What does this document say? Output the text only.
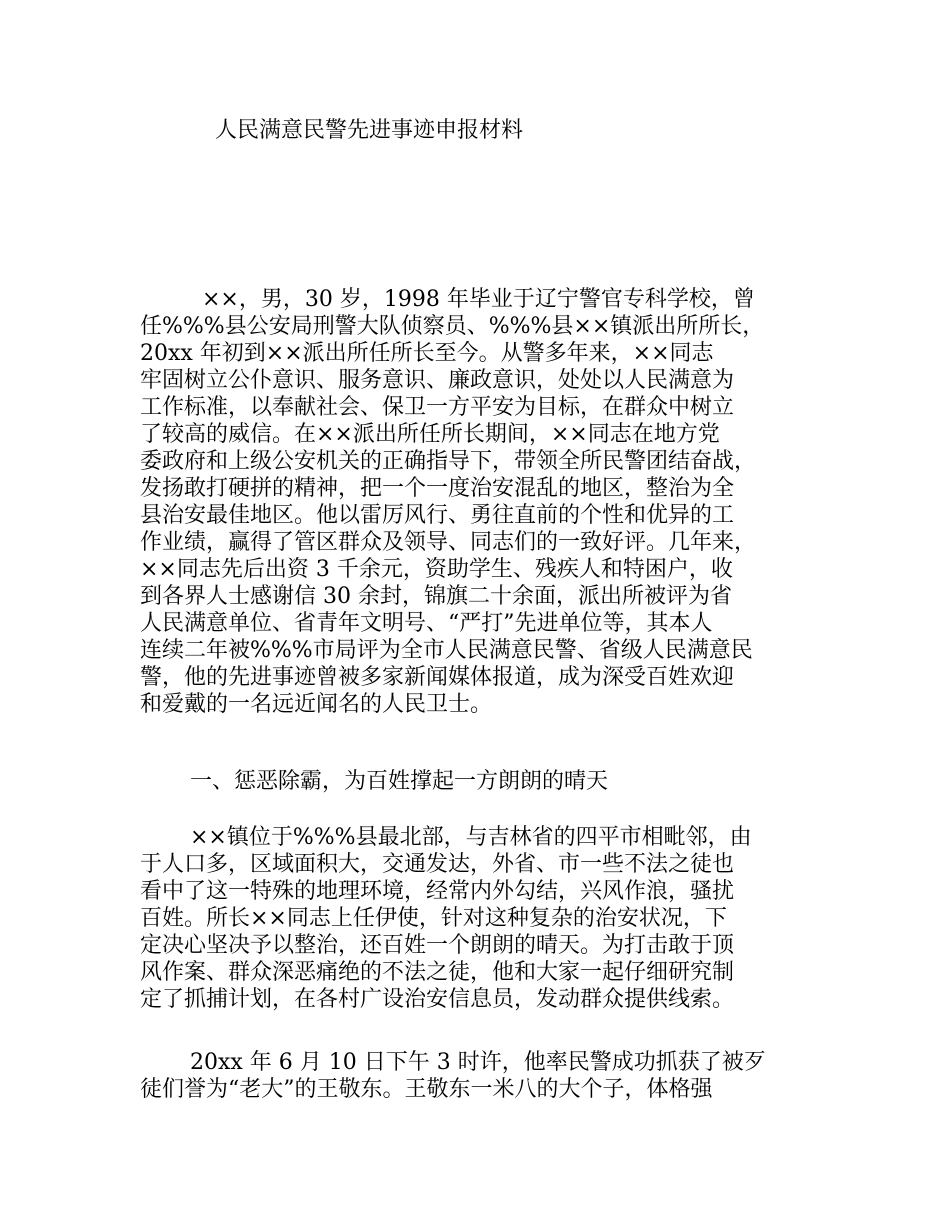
人民满意民警先进事迹申报材料
××，男，30 岁，1998 年毕业于辽宁警官专科学校，曾
任%%%县公安局刑警大队侦察员、%%%县××镇派出所所长，
20xx 年初到××派出所任所长至今。从警多年来，××同志
牢固树立公仆意识、服务意识、廉政意识，处处以人民满意为
工作标准，以奉献社会、保卫一方平安为目标，在群众中树立
了较高的威信。在××派出所任所长期间，××同志在地方党
委政府和上级公安机关的正确指导下，带领全所民警团结奋战，
发扬敢打硬拼的精神，把一个一度治安混乱的地区，整治为全
县治安最佳地区。他以雷厉风行、勇往直前的个性和优异的工
作业绩，赢得了管区群众及领导、同志们的一致好评。几年来，
××同志先后出资 3 千余元，资助学生、残疾人和特困户，收
到各界人士感谢信 30 余封，锦旗二十余面，派出所被评为省
人民满意单位、省青年文明号、“严打”先进单位等，其本人
连续二年被%%%市局评为全市人民满意民警、省级人民满意民
警，他的先进事迹曾被多家新闻媒体报道，成为深受百姓欢迎
和爱戴的一名远近闻名的人民卫士。
一、惩恶除霸，为百姓撑起一方朗朗的晴天
××镇位于%%%县最北部，与吉林省的四平市相毗邻，由
于人口多，区域面积大，交通发达，外省、市一些不法之徒也
看中了这一特殊的地理环境，经常内外勾结，兴风作浪，骚扰
百姓。所长××同志上任伊使，针对这种复杂的治安状况，下
定决心坚决予以整治，还百姓一个朗朗的晴天。为打击敢于顶
风作案、群众深恶痛绝的不法之徒，他和大家一起仔细研究制
定了抓捕计划，在各村广设治安信息员，发动群众提供线索。
20xx 年 6 月 10 日下午 3 时许，他率民警成功抓获了被歹
徒们誉为“老大”的王敬东。王敬东一米八的大个子，体格强
